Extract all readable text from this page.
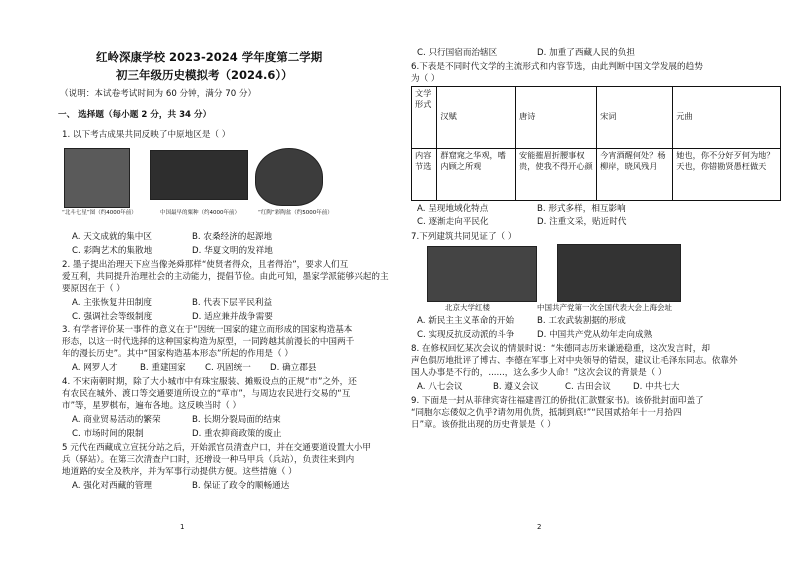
红岭深康学校 2023-2024 学年度第二学期
初三年级历史模拟考（2024.6））
（说明：本试卷考试时间为 60 分钟，满分 70 分）
一、 选择题（每小题 2 分，共 34 分）
1. 以下考古成果共同反映了中原地区是（ ）
“北斗七星”图（约4000年前）	中国最早的粟种（约4000年前）	“红陶”彩陶盆（约5000年前）
A. 天文成就的集中区	B. 农桑经济的起源地
C. 彩陶艺术的集散地	D. 华夏文明的发祥地
2. 墨子提出治理天下应当像尧舜那样“使贤者得众，且者得治”，要求人们互
爱互利，共同提升治理社会的主动能力，提倡节俭。由此可知，墨家学派能够兴起的主
要原因在于（ ）
A. 主张恢复井田制度	B. 代表下层平民利益
C. 强调社会等级制度	D. 适应兼并战争需要
3. 有学者评价某一事件的意义在于“因统一国家的建立而形成的国家构造基本
形态，以这一时代选择的这种国家构造为原型，一同跨越其前漫长的中国两千
年的漫长历史”。其中“国家构造基本形态”所起的作用是（ ）
A. 网罗人才	B. 重建国家 C. 巩固统一 D. 确立郡县
4. 不宋南朝时期，除了大小城市中有珠宝服装、摊贩设点的正规“市”之外，还
有农民在城外、渡口等交通要道所设立的“草市”，与周边农民进行交易的“互
市”等，星罗棋布，遍布各地。这反映当时（ ）
A. 商业贸易活动的繁荣	B. 长期分裂局面的结束
C. 市场时间的限制	D. 重农抑商政策的废止
5 元代在西藏成立宣抚分站之后，开始派官员清查户口，并在交通要道设置大小甲
兵（驿站）。在第三次清查户口时，还增设一种马甲兵（兵站），负责往来到内
地道路的安全及秩序，并为军事行动提供方便。这些措施（ ）
A. 强化对西藏的管理	B. 保证了政令的顺畅通达
1
C. 只行国宿而治辖区	D. 加重了西藏人民的负担
6.下表是不同时代文学的主流形式和内容节选，由此判断中国文学发展的趋势
为（ ）
文学形式	汉赋	唐诗	宋词	元曲
内容节选	群窟窕之华观，嗜内顾之所观	安能摧眉折腰事权贵，使我不得开心颜	今宵酒醒何处？杨柳岸，晓风残月	她也，你不分好歹何为地？天也，你错勘贤愚枉做天
A. 呈现地域化特点	B. 形式多样，相互影响
C. 逐渐走向平民化	D. 注重文采，贴近时代
7.下列建筑共同见证了（ ）
北京大学红楼	中国共产党第一次全国代表大会上海会址
A. 新民主主义革命的开始	B. 工农武装割据的形成
C. 实现反抗反动派的斗争	D. 中国共产党从幼年走向成熟
8. 在修权回忆某次会议的情景时说：“朱德同志历来谦逊稳重，这次发言时，却
声色俱厉地批评了博古、李德在军事上对中央领导的错误，建议让毛泽东同志。依靠外
国人办事是不行的，......，这么多少人命！”这次会议的背景是（ ）
A. 八七会议	B. 遵义会议	C. 古田会议	D. 中共七大
9. 下面是一封从菲律宾寄往福建晋江的侨批(汇款暨家书)。该侨批封面印盖了
“同胞尔忘倭奴之仇乎?请勿用仇货，抵制到底!”“民国贰拾年十一月拾四
日”章。该侨批出现的历史背景是（ ）
2
